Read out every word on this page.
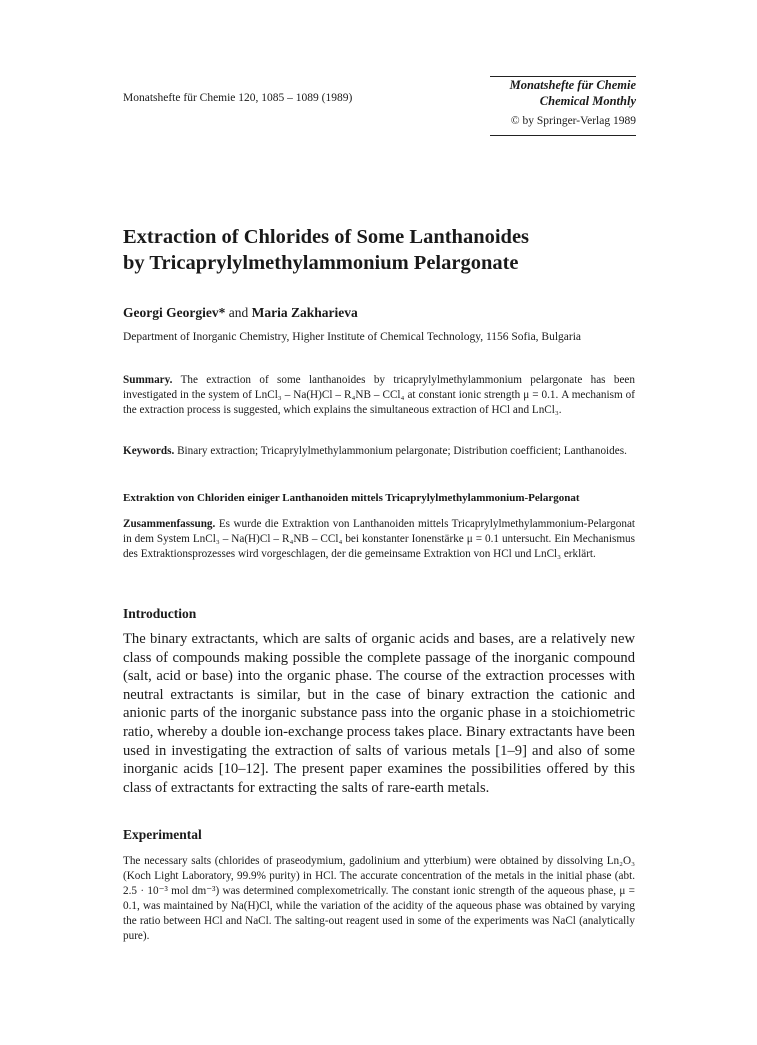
Monatshefte für Chemie 120, 1085 – 1089 (1989)
Monatshefte für Chemie
Chemical Monthly
© by Springer-Verlag 1989
Extraction of Chlorides of Some Lanthanoides
by Tricaprylylmethylammonium Pelargonate
Georgi Georgiev* and Maria Zakharieva
Department of Inorganic Chemistry, Higher Institute of Chemical Technology, 1156 Sofia, Bulgaria
Summary. The extraction of some lanthanoides by tricaprylylmethylammonium pelargonate has been investigated in the system of LnCl₃ – Na(H)Cl – R₄NB – CCl₄ at constant ionic strength μ = 0.1. A mechanism of the extraction process is suggested, which explains the simultaneous extraction of HCl and LnCl₃.
Keywords. Binary extraction; Tricaprylylmethylammonium pelargonate; Distribution coefficient; Lanthanoides.
Extraktion von Chloriden einiger Lanthanoiden mittels Tricaprylylmethylammonium-Pelargonat
Zusammenfassung. Es wurde die Extraktion von Lanthanoiden mittels Tricaprylylmethylammonium-Pelargonat in dem System LnCl₃ – Na(H)Cl – R₄NB – CCl₄ bei konstanter Ionenstärke μ = 0.1 untersucht. Ein Mechanismus des Extraktionsprozesses wird vorgeschlagen, der die gemeinsame Extraktion von HCl und LnCl₃ erklärt.
Introduction
The binary extractants, which are salts of organic acids and bases, are a relatively new class of compounds making possible the complete passage of the inorganic compound (salt, acid or base) into the organic phase. The course of the extraction processes with neutral extractants is similar, but in the case of binary extraction the cationic and anionic parts of the inorganic substance pass into the organic phase in a stoichiometric ratio, whereby a double ion-exchange process takes place. Binary extractants have been used in investigating the extraction of salts of various metals [1–9] and also of some inorganic acids [10–12]. The present paper examines the possibilities offered by this class of extractants for extracting the salts of rare-earth metals.
Experimental
The necessary salts (chlorides of praseodymium, gadolinium and ytterbium) were obtained by dissolving Ln₂O₃ (Koch Light Laboratory, 99.9% purity) in HCl. The accurate concentration of the metals in the initial phase (abt. 2.5 · 10⁻³ mol dm⁻³) was determined complexometrically. The constant ionic strength of the aqueous phase, μ = 0.1, was maintained by Na(H)Cl, while the variation of the acidity of the aqueous phase was obtained by varying the ratio between HCl and NaCl. The salting-out reagent used in some of the experiments was NaCl (analytically pure).
